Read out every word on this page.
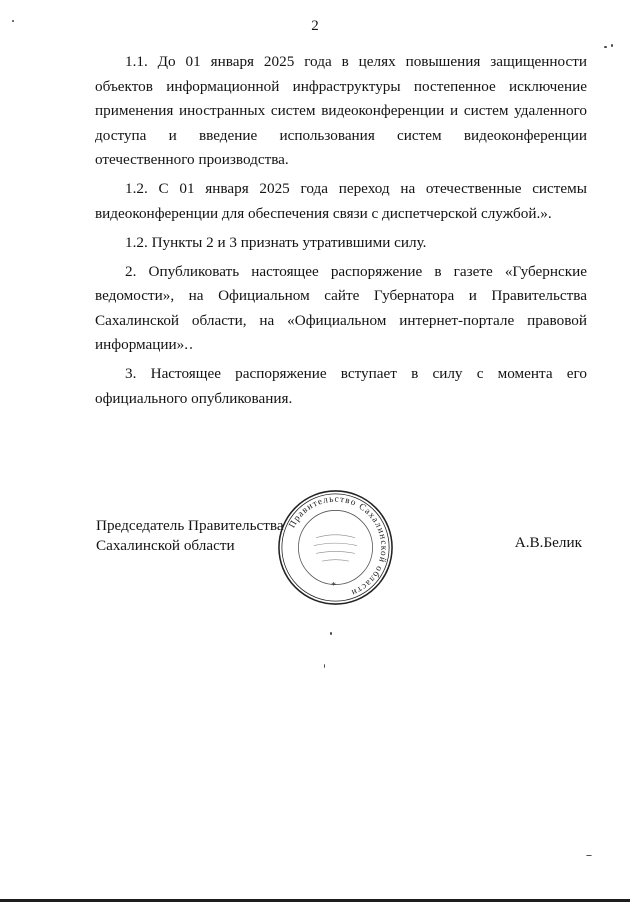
2

1.1. До 01 января 2025 года в целях повышения защищенности объектов информационной инфраструктуры постепенное исключение применения иностранных систем видеоконференции и систем удаленного доступа и введение использования систем видеоконференции отечественного производства.

1.2. С 01 января 2025 года переход на отечественные системы видеоконференции для обеспечения связи с диспетчерской службой.».

1.2. Пункты 2 и 3 признать утратившими силу.

2. Опубликовать настоящее распоряжение в газете «Губернские ведомости», на Официальном сайте Губернатора и Правительства Сахалинской области, на «Официальном интернет-портале правовой информации».

3. Настоящее распоряжение вступает в силу с момента его официального опубликования.

Председатель Правительства
Сахалинской области	А.В.Белик
Правительство Сахалинской области
*
